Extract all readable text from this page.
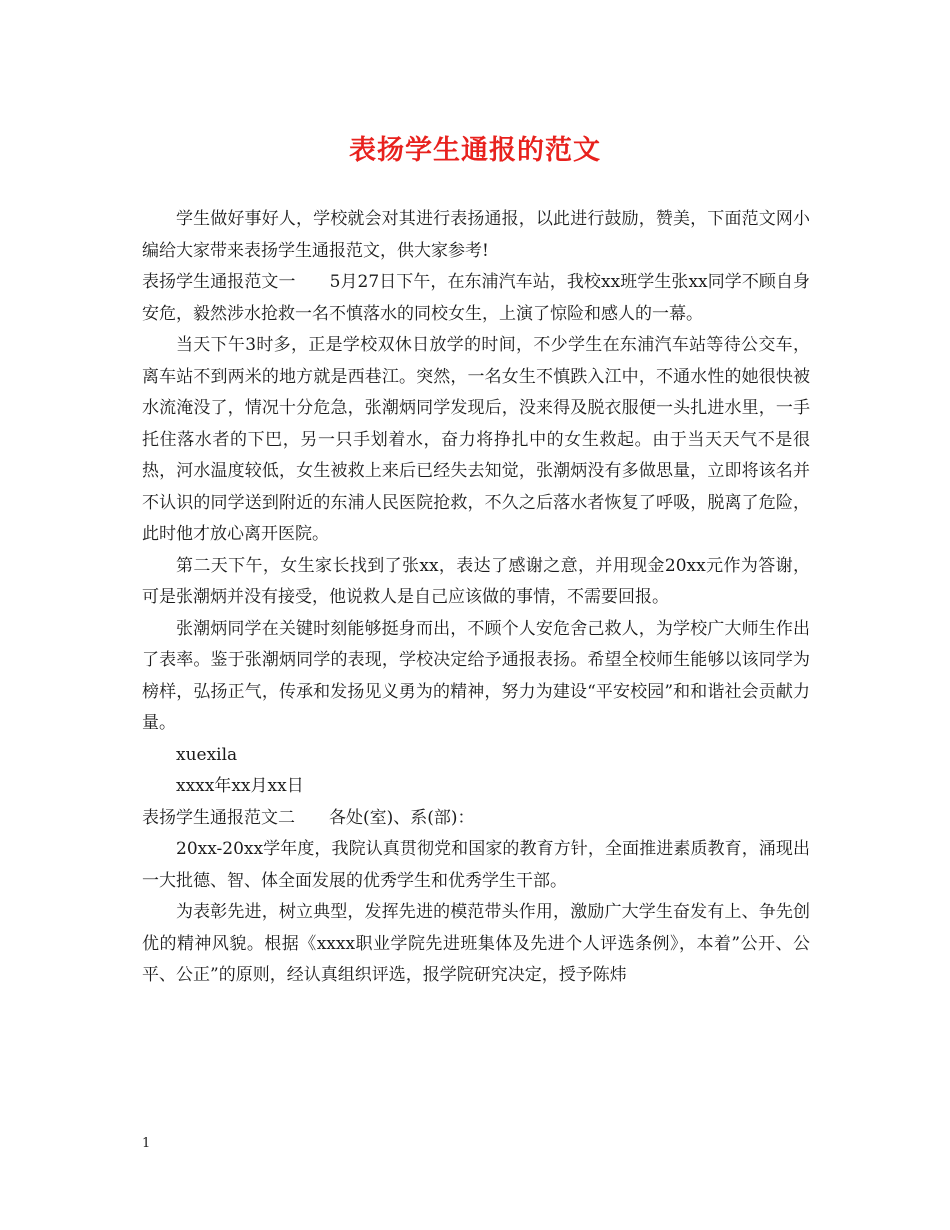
表扬学生通报的范文

学生做好事好人，学校就会对其进行表扬通报，以此进行鼓励，赞美，下面范文网小编给大家带来表扬学生通报范文，供大家参考!

表扬学生通报范文一 5月27日下午，在东浦汽车站，我校xx班学生张xx同学不顾自身安危，毅然涉水抢救一名不慎落水的同校女生，上演了惊险和感人的一幕。

当天下午3时多，正是学校双休日放学的时间，不少学生在东浦汽车站等待公交车，离车站不到两米的地方就是西巷江。突然，一名女生不慎跌入江中，不通水性的她很快被水流淹没了，情况十分危急，张潮炳同学发现后，没来得及脱衣服便一头扎进水里，一手托住落水者的下巴，另一只手划着水，奋力将挣扎中的女生救起。由于当天天气不是很热，河水温度较低，女生被救上来后已经失去知觉，张潮炳没有多做思量，立即将该名并不认识的同学送到附近的东浦人民医院抢救，不久之后落水者恢复了呼吸，脱离了危险，此时他才放心离开医院。

第二天下午，女生家长找到了张xx，表达了感谢之意，并用现金20xx元作为答谢，可是张潮炳并没有接受，他说救人是自己应该做的事情，不需要回报。

张潮炳同学在关键时刻能够挺身而出，不顾个人安危舍己救人，为学校广大师生作出了表率。鉴于张潮炳同学的表现，学校决定给予通报表扬。希望全校师生能够以该同学为榜样，弘扬正气，传承和发扬见义勇为的精神，努力为建设“平安校园”和和谐社会贡献力量。

xuexila

xxxx年xx月xx日

表扬学生通报范文二 各处(室)、系(部)：

20xx-20xx学年度，我院认真贯彻党和国家的教育方针，全面推进素质教育，涌现出一大批德、智、体全面发展的优秀学生和优秀学生干部。

为表彰先进，树立典型，发挥先进的模范带头作用，激励广大学生奋发有上、争先创优的精神风貌。根据《xxxx职业学院先进班集体及先进个人评选条例》，本着”公开、公平、公正”的原则，经认真组织评选，报学院研究决定，授予陈炜

1
